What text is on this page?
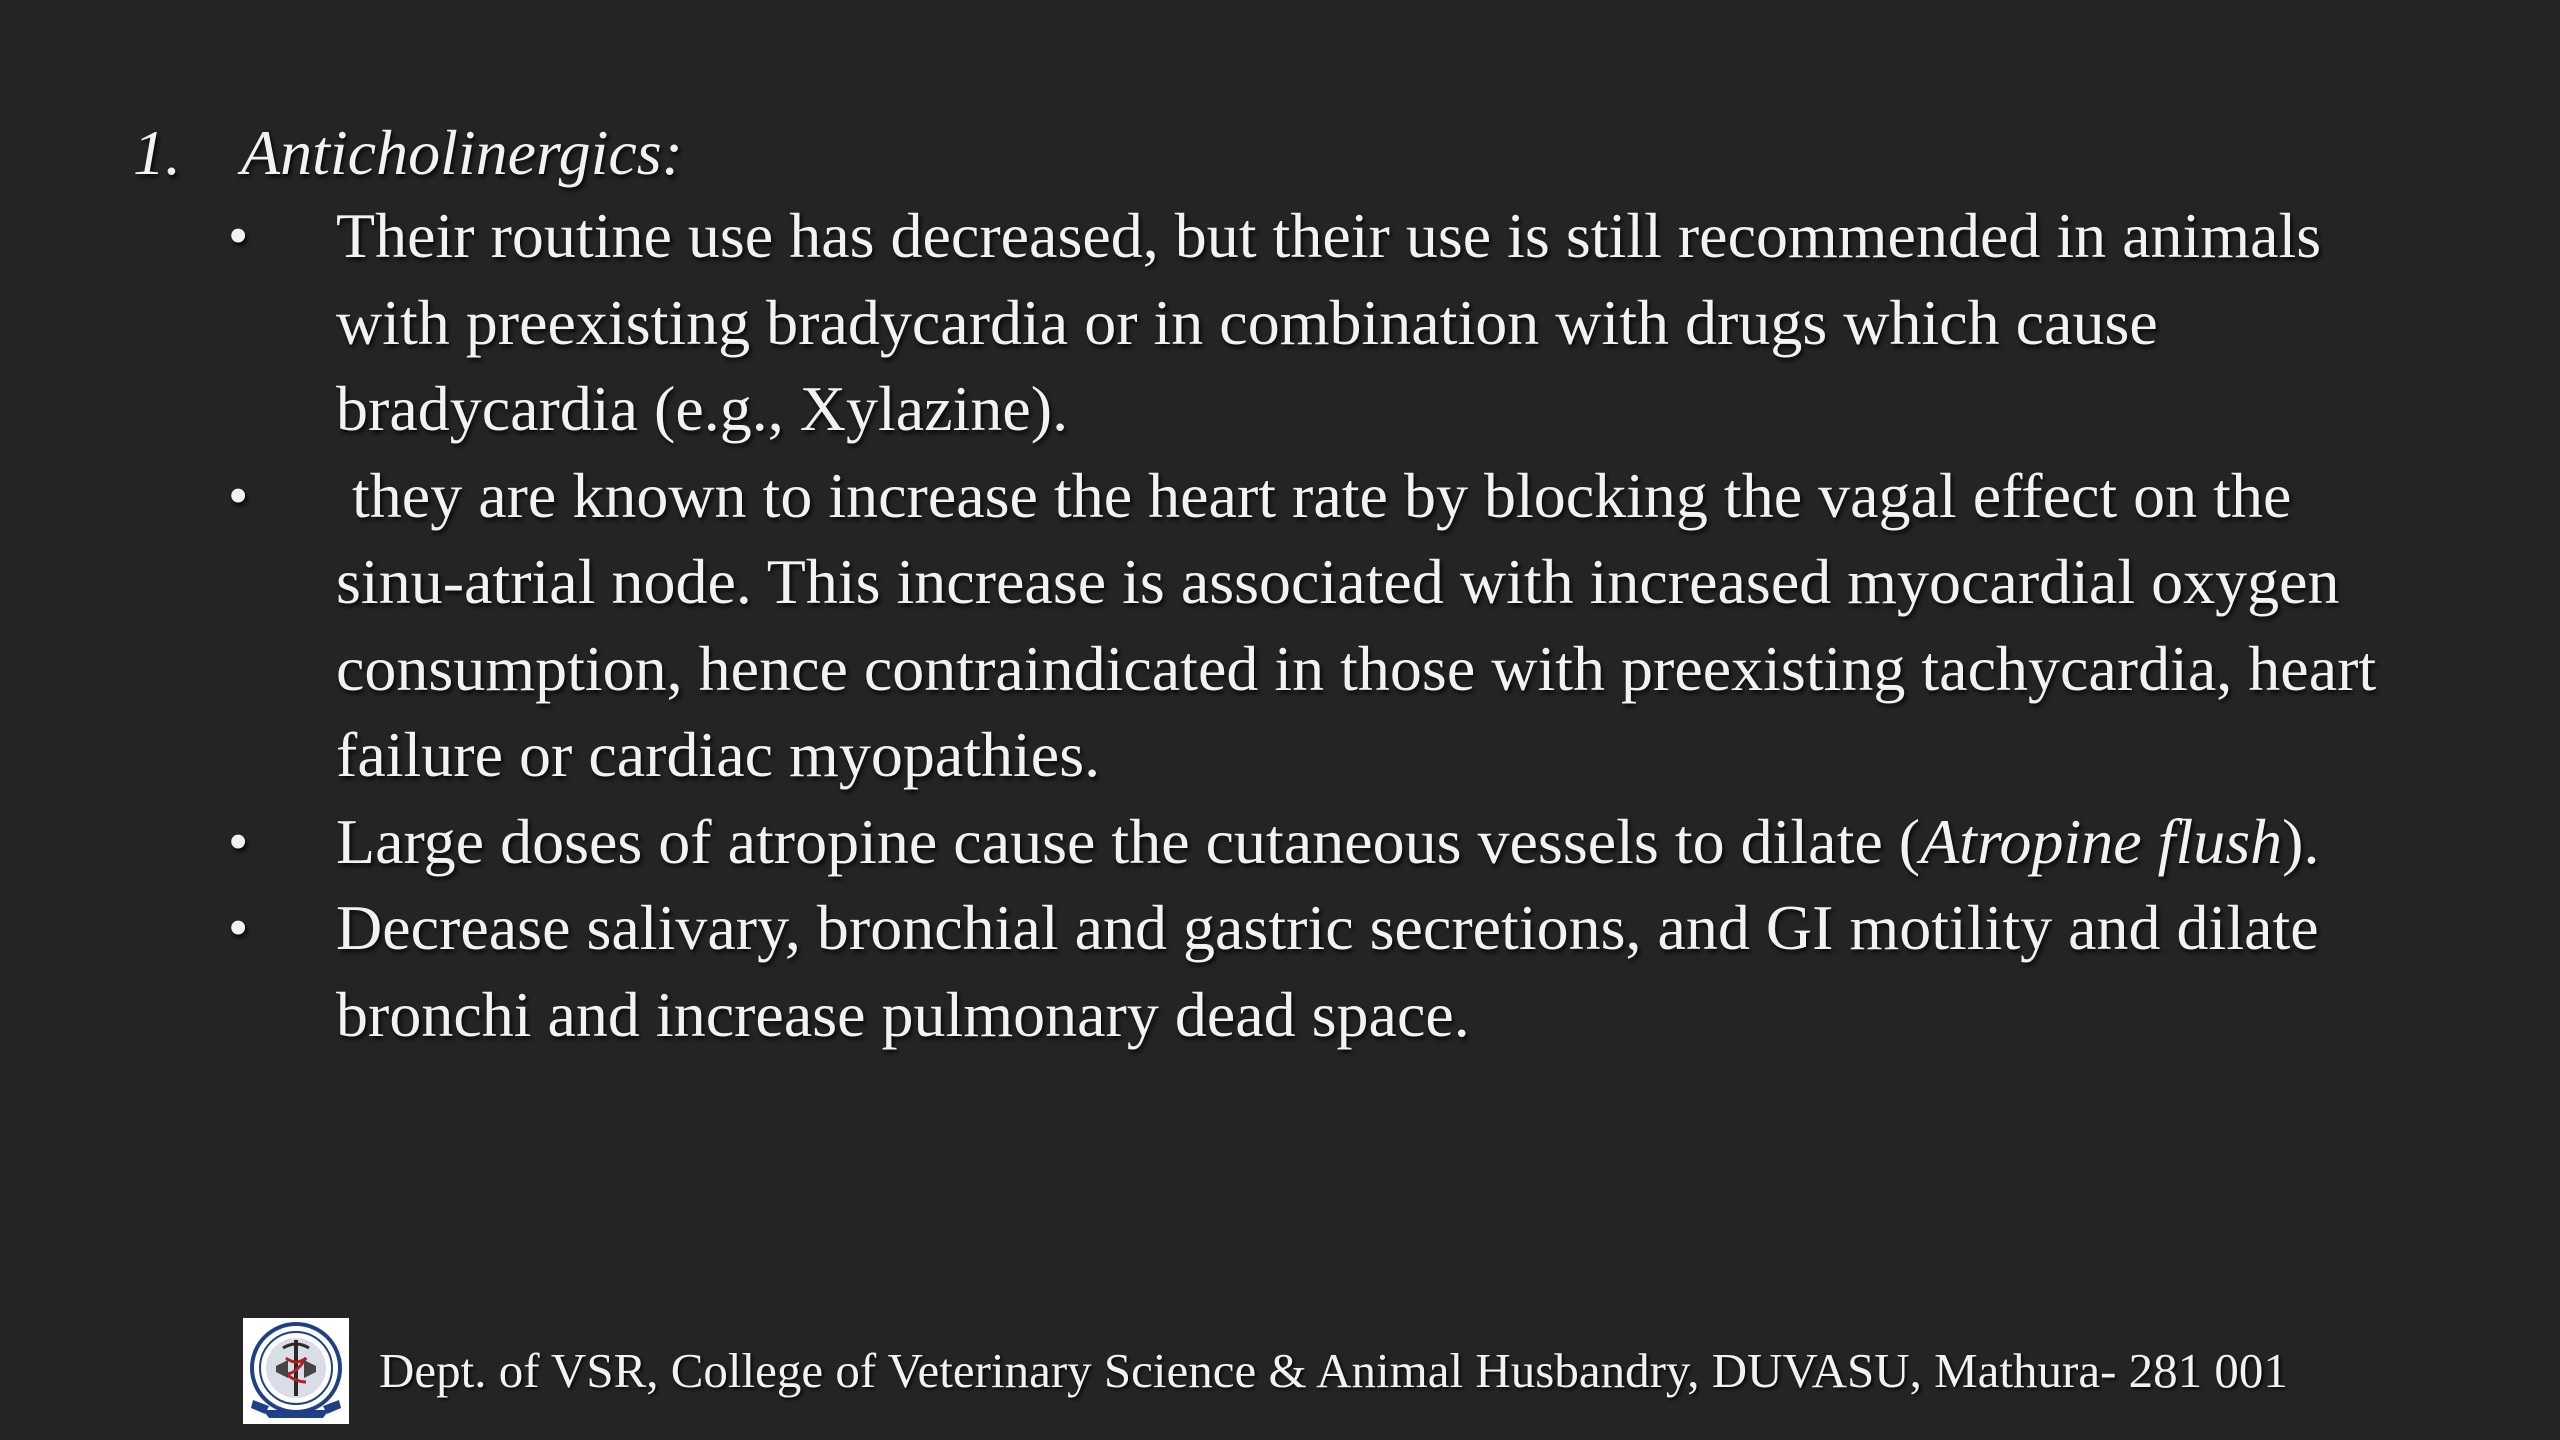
1. Anticholinergics:
• Their routine use has decreased, but their use is still recommended in animals with preexisting bradycardia or in combination with drugs which cause bradycardia (e.g., Xylazine).
• they are known to increase the heart rate by blocking the vagal effect on the sinu-atrial node. This increase is associated with increased myocardial oxygen consumption, hence contraindicated in those with preexisting tachycardia, heart failure or cardiac myopathies.
• Large doses of atropine cause the cutaneous vessels to dilate (Atropine flush).
• Decrease salivary, bronchial and gastric secretions, and GI motility and dilate bronchi and increase pulmonary dead space.
Dept. of VSR, College of Veterinary Science & Animal Husbandry, DUVASU, Mathura- 281 001
